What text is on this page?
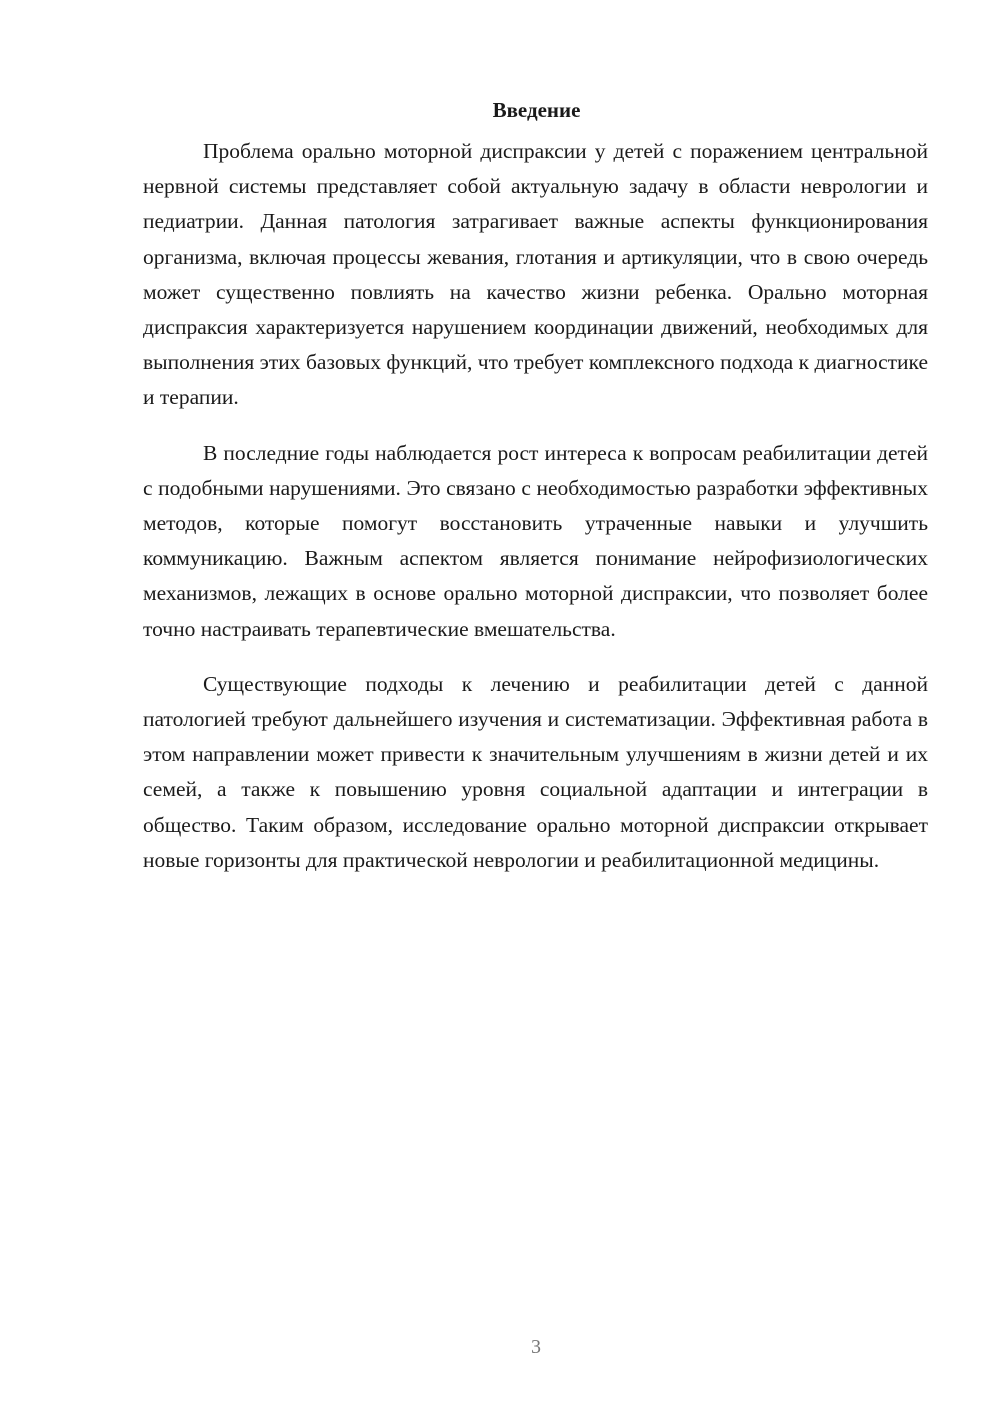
Введение

Проблема орально моторной диспраксии у детей с поражением центральной нервной системы представляет собой актуальную задачу в области неврологии и педиатрии. Данная патология затрагивает важные аспекты функционирования организма, включая процессы жевания, глотания и артикуляции, что в свою очередь может существенно повлиять на качество жизни ребенка. Орально моторная диспраксия характеризуется нарушением координации движений, необходимых для выполнения этих базовых функций, что требует комплексного подхода к диагностике и терапии.

В последние годы наблюдается рост интереса к вопросам реабилитации детей с подобными нарушениями. Это связано с необходимостью разработки эффективных методов, которые помогут восстановить утраченные навыки и улучшить коммуникацию. Важным аспектом является понимание нейрофизиологических механизмов, лежащих в основе орально моторной диспраксии, что позволяет более точно настраивать терапевтические вмешательства.

Существующие подходы к лечению и реабилитации детей с данной патологией требуют дальнейшего изучения и систематизации. Эффективная работа в этом направлении может привести к значительным улучшениям в жизни детей и их семей, а также к повышению уровня социальной адаптации и интеграции в общество. Таким образом, исследование орально моторной диспраксии открывает новые горизонты для практической неврологии и реабилитационной медицины.

3
